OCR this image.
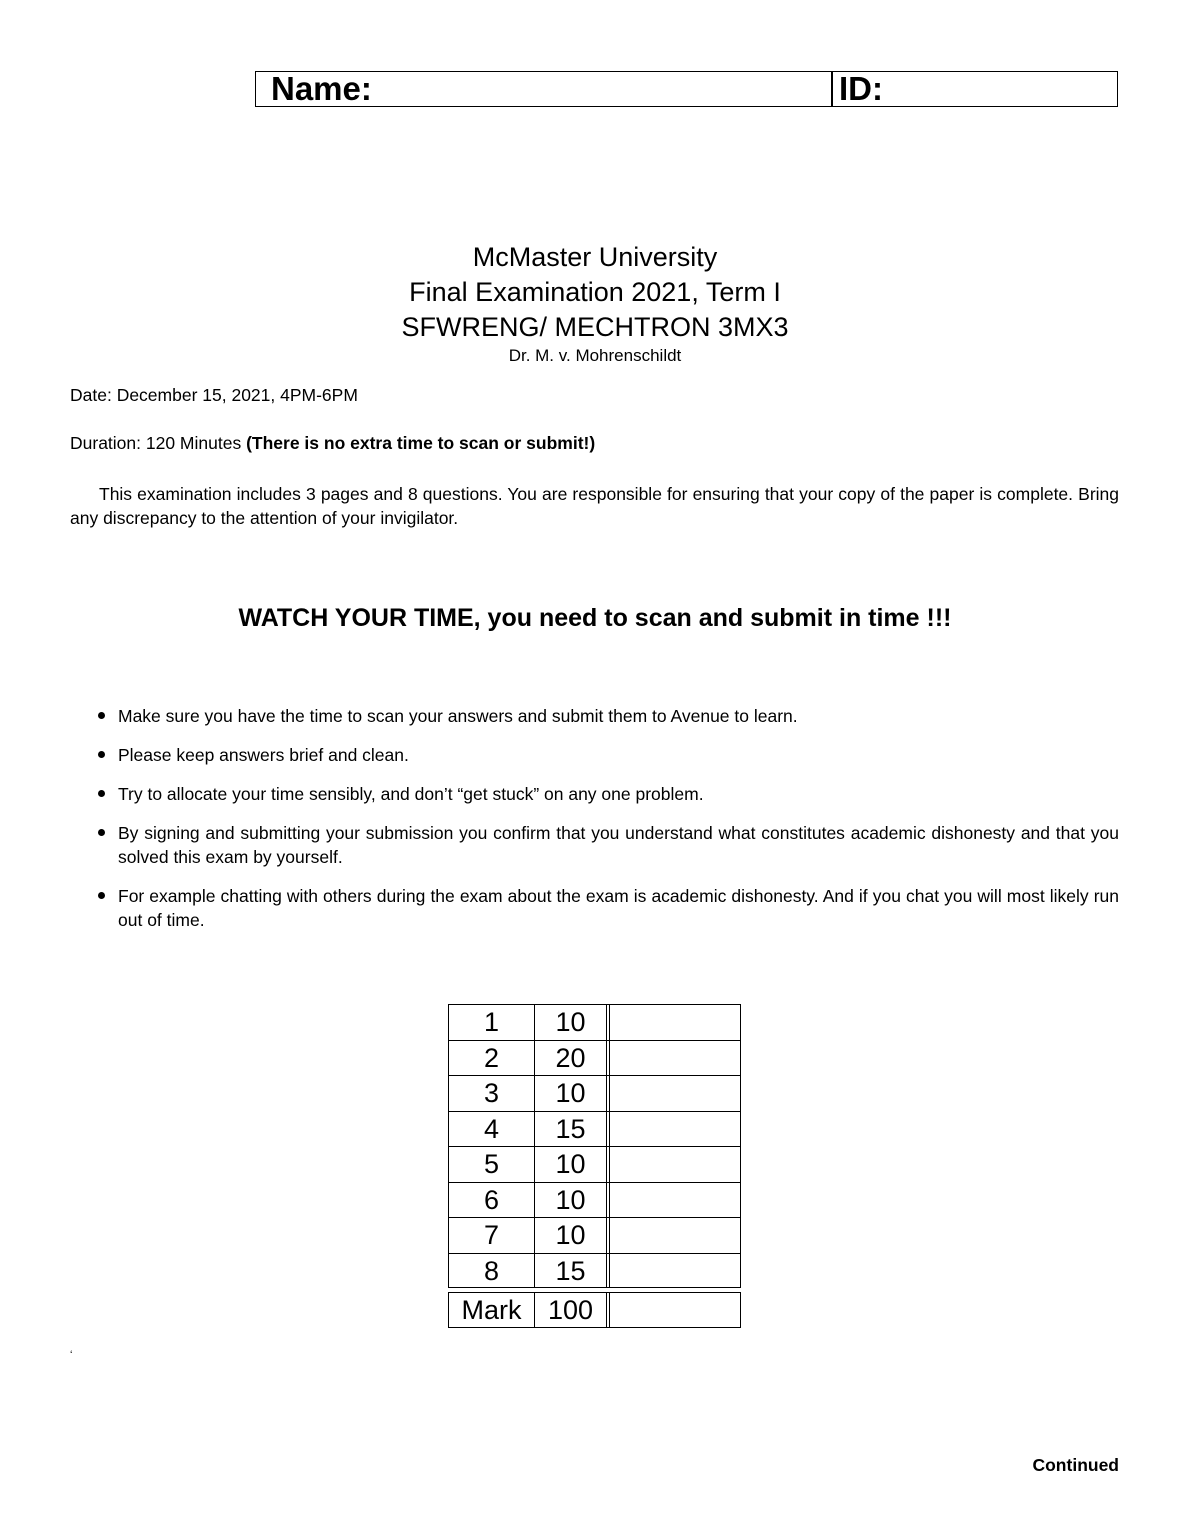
Name:	ID:
McMaster University
Final Examination 2021, Term I
SFWRENG/ MECHTRON 3MX3
Dr. M. v. Mohrenschildt
Date: December 15, 2021, 4PM-6PM
Duration: 120 Minutes (There is no extra time to scan or submit!)
This examination includes 3 pages and 8 questions. You are responsible for ensuring that your copy of the paper is complete. Bring any discrepancy to the attention of your invigilator.
WATCH YOUR TIME, you need to scan and submit in time !!!
Make sure you have the time to scan your answers and submit them to Avenue to learn.
Please keep answers brief and clean.
Try to allocate your time sensibly, and don’t “get stuck” on any one problem.
By signing and submitting your submission you confirm that you understand what constitutes academic dishonesty and that you solved this exam by yourself.
For example chatting with others during the exam about the exam is academic dishonesty. And if you chat you will most likely run out of time.
1	10
2	20
3	10
4	15
5	10
6	10
7	10
8	15
Mark 100
‘
Continued
